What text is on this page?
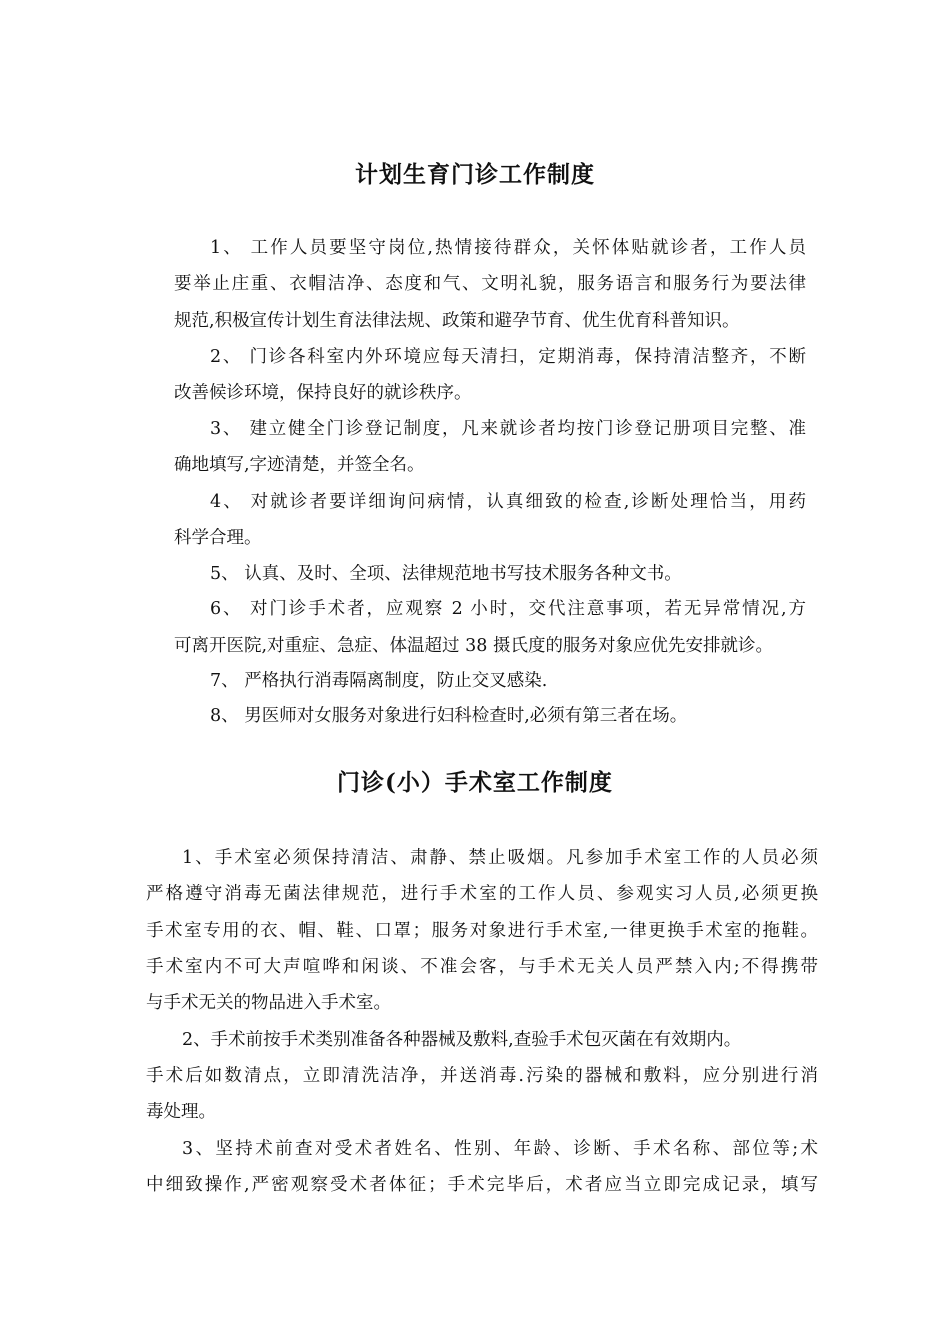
计划生育门诊工作制度
1、 工作人员要坚守岗位,热情接待群众，关怀体贴就诊者，工作人员
要举止庄重、衣帽洁净、态度和气、文明礼貌，服务语言和服务行为要法律
规范,积极宣传计划生育法律法规、政策和避孕节育、优生优育科普知识。
2、 门诊各科室内外环境应每天清扫，定期消毒，保持清洁整齐，不断
改善候诊环境，保持良好的就诊秩序。
3、 建立健全门诊登记制度，凡来就诊者均按门诊登记册项目完整、准
确地填写,字迹清楚，并签全名。
4、 对就诊者要详细询问病情，认真细致的检查,诊断处理恰当，用药
科学合理。
5、 认真、及时、全项、法律规范地书写技术服务各种文书。
6、 对门诊手术者，应观察 2 小时，交代注意事项，若无异常情况,方
可离开医院,对重症、急症、体温超过 38 摄氏度的服务对象应优先安排就诊。
7、 严格执行消毒隔离制度，防止交叉感染.
8、 男医师对女服务对象进行妇科检查时,必须有第三者在场。
门诊(小）手术室工作制度
1、手术室必须保持清洁、肃静、禁止吸烟。凡参加手术室工作的人员必须
严格遵守消毒无菌法律规范，进行手术室的工作人员、参观实习人员,必须更换
手术室专用的衣、帽、鞋、口罩；服务对象进行手术室,一律更换手术室的拖鞋。
手术室内不可大声喧哗和闲谈、不准会客，与手术无关人员严禁入内;不得携带
与手术无关的物品进入手术室。
2、手术前按手术类别准备各种器械及敷料,查验手术包灭菌在有效期内。
手术后如数清点，立即清洗洁净，并送消毒.污染的器械和敷料，应分别进行消
毒处理。
3、坚持术前查对受术者姓名、性别、年龄、诊断、手术名称、部位等;术
中细致操作,严密观察受术者体征；手术完毕后，术者应当立即完成记录，填写
